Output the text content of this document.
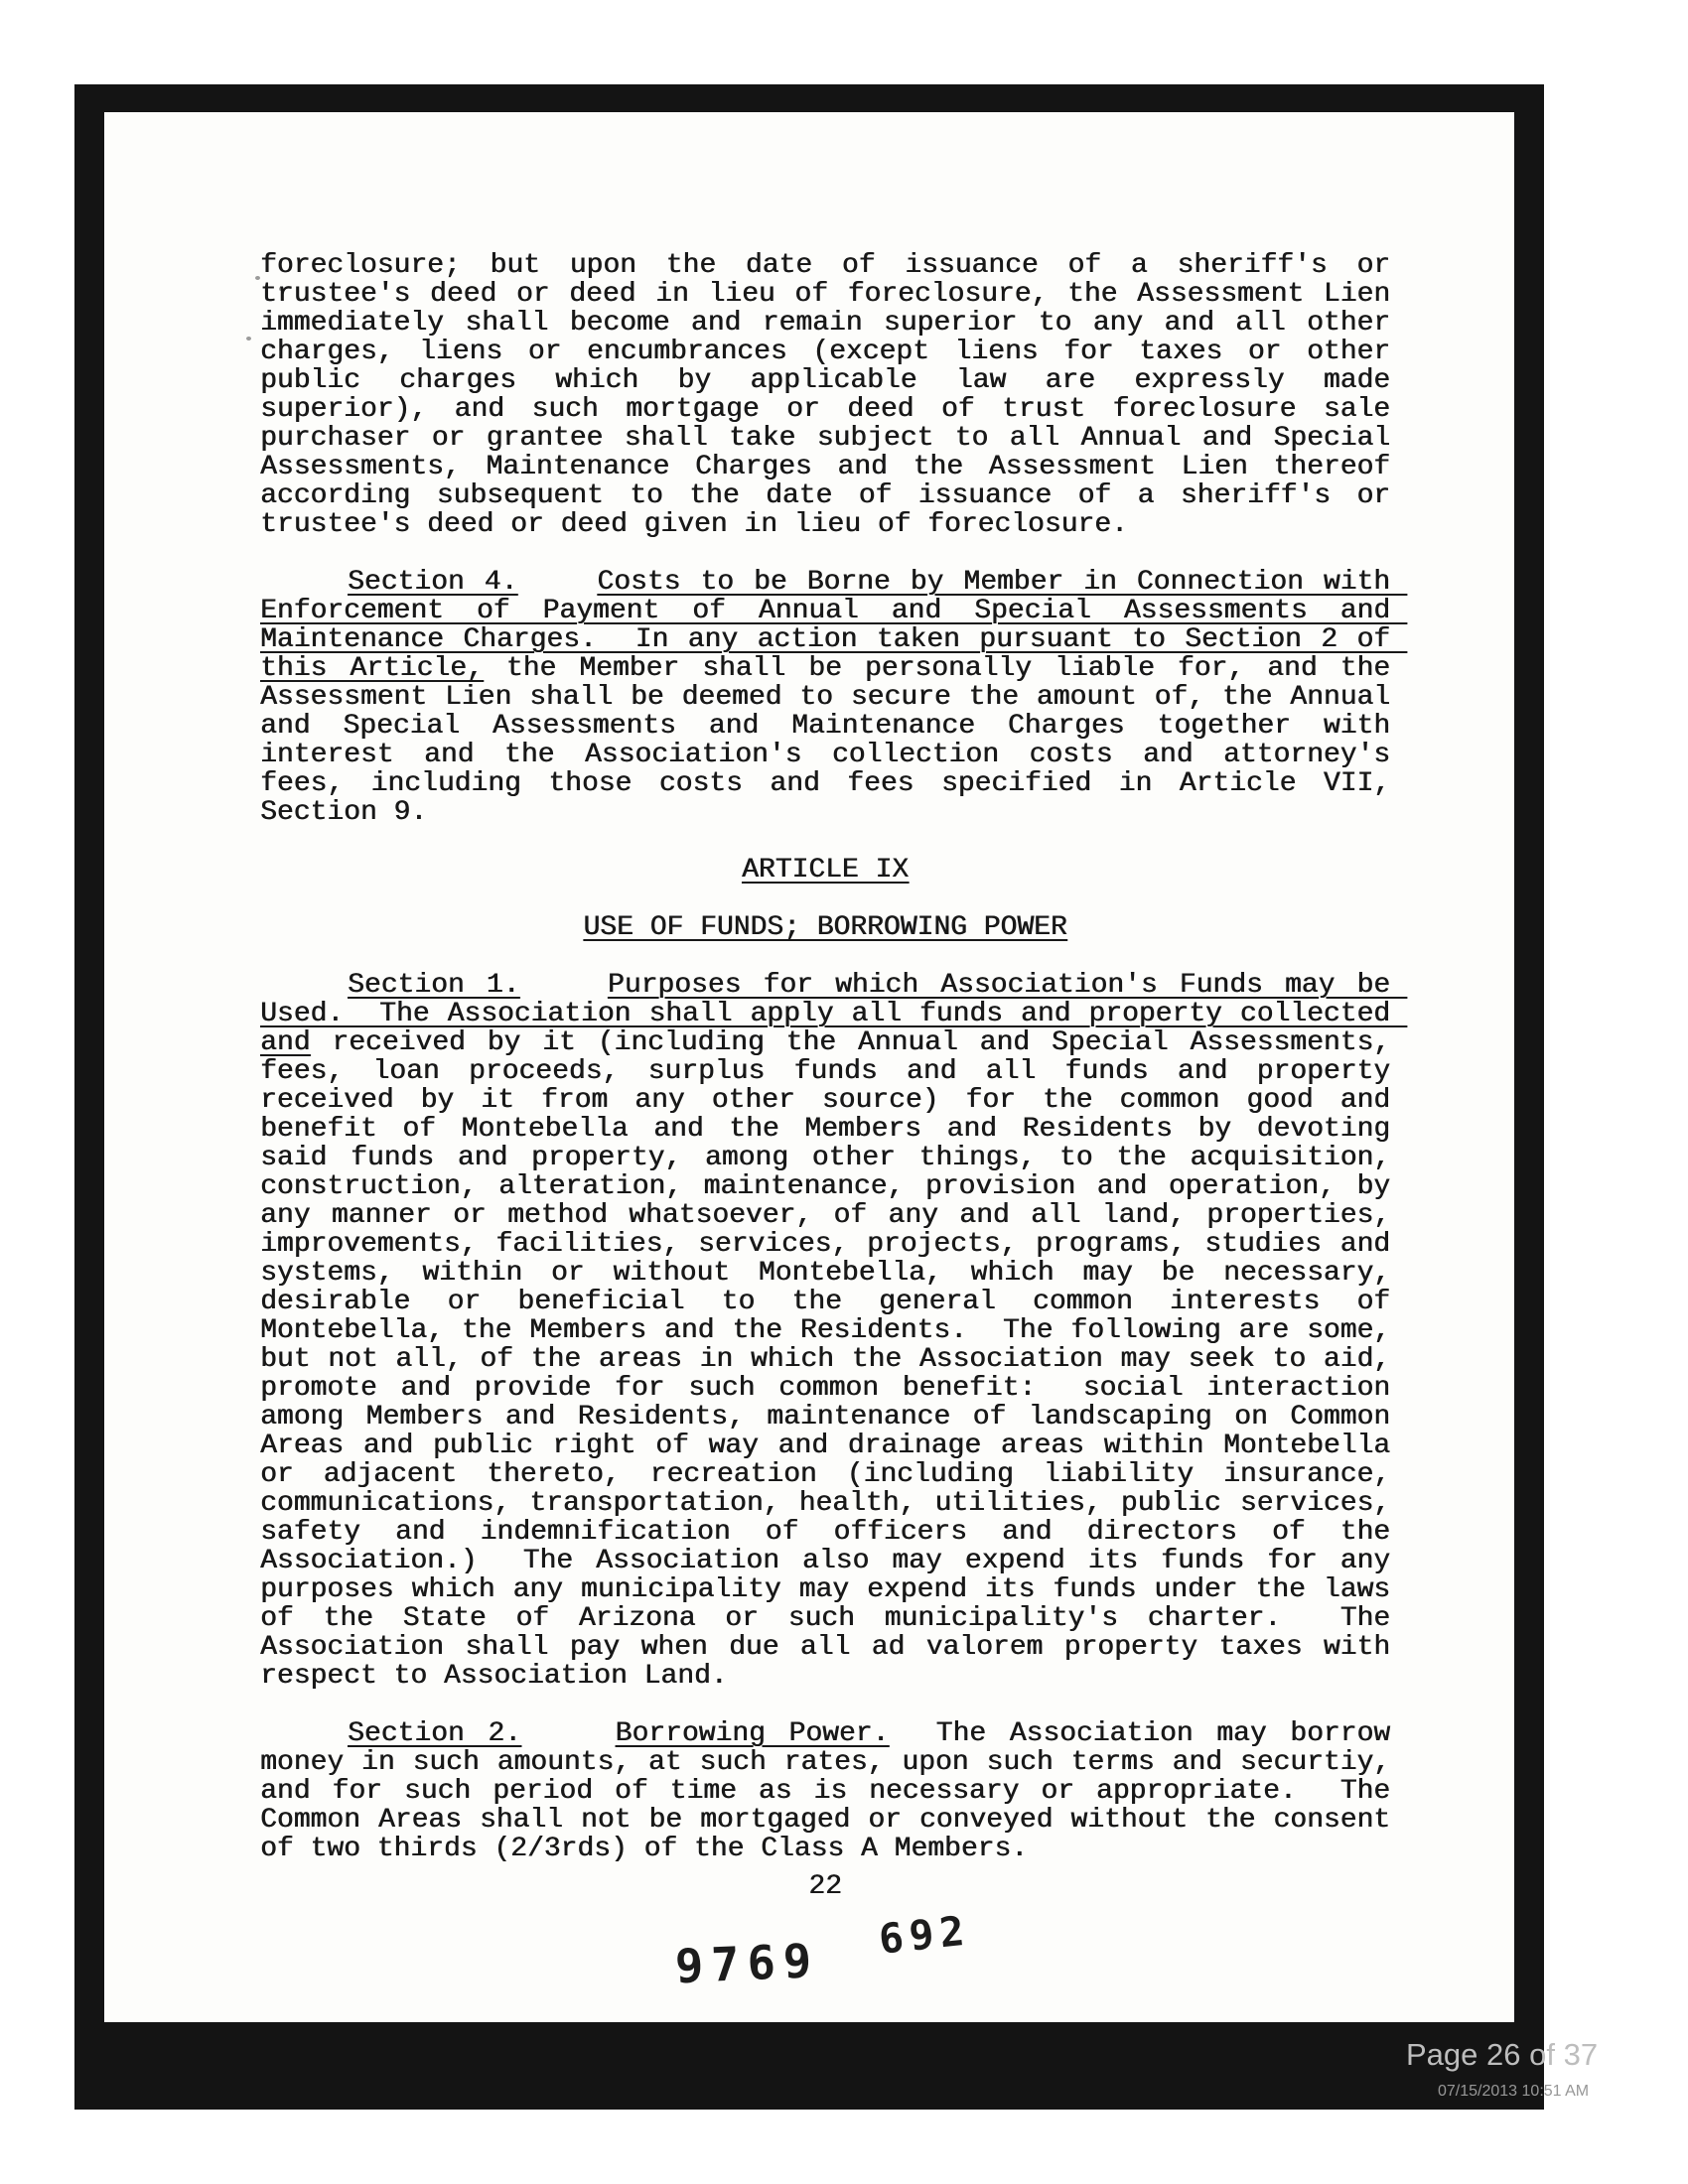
foreclosure; but upon the date of issuance of a sheriff's or trustee's deed or deed in lieu of foreclosure, the Assessment Lien immediately shall become and remain superior to any and all other charges, liens or encumbrances (except liens for taxes or other public charges which by applicable law are expressly made superior), and such mortgage or deed of trust foreclosure sale purchaser or grantee shall take subject to all Annual and Special Assessments, Maintenance Charges and the Assessment Lien thereof according subsequent to the date of issuance of a sheriff's or trustee's deed or deed given in lieu of foreclosure.
Section 4.	Costs to be Borne by Member in Connection with Enforcement of Payment of Annual and Special Assessments and Maintenance Charges.  In any action taken pursuant to Section 2 of this Article, the Member shall be personally liable for, and the Assessment Lien shall be deemed to secure the amount of, the Annual and Special Assessments and Maintenance Charges together with interest and the Association's collection costs and attorney's fees, including those costs and fees specified in Article VII, Section 9.
ARTICLE IX
USE OF FUNDS; BORROWING POWER
Section 1.	Purposes for which Association's Funds may be Used.  The Association shall apply all funds and property collected and received by it (including the Annual and Special Assessments, fees, loan proceeds, surplus funds and all funds and property received by it from any other source) for the common good and benefit of Montebella and the Members and Residents by devoting said funds and property, among other things, to the acquisition, construction, alteration, maintenance, provision and operation, by any manner or method whatsoever, of any and all land, properties, improvements, facilities, services, projects, programs, studies and systems, within or without Montebella, which may be necessary, desirable or beneficial to the general common interests of Montebella, the Members and the Residents.  The following are some, but not all, of the areas in which the Association may seek to aid, promote and provide for such common benefit:  social interaction among Members and Residents, maintenance of landscaping on Common Areas and public right of way and drainage areas within Montebella or adjacent thereto, recreation (including liability insurance, communications, transportation, health, utilities, public services, safety and indemnification of officers and directors of the Association.)  The Association also may expend its funds for any purposes which any municipality may expend its funds under the laws of the State of Arizona or such municipality's charter.  The Association shall pay when due all ad valorem property taxes with respect to Association Land.
Section 2.	Borrowing Power.  The Association may borrow money in such amounts, at such rates, upon such terms and securtiy, and for such period of time as is necessary or appropriate.  The Common Areas shall not be mortgaged or conveyed without the consent of two thirds (2/3rds) of the Class A Members.
22
9769 692
Page 26 of 37
07/15/2013 10:51 AM
